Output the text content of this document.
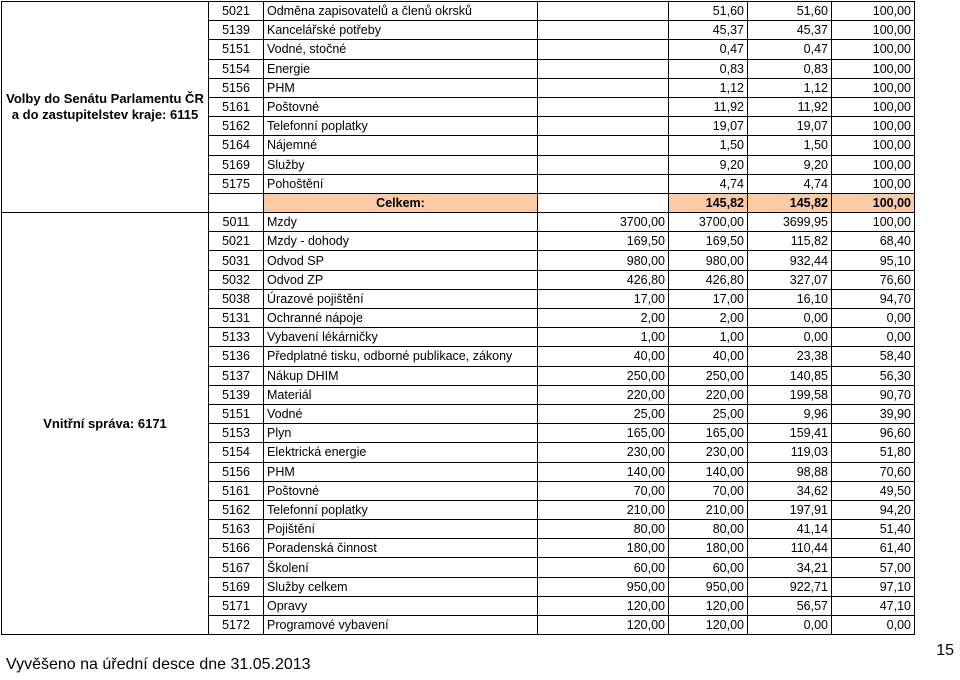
Volby do Senátu Parlamentu ČR a do zastupitelstev kraje: 6115	5021	Odměna zapisovatelů a členů okrsků		51,60	51,60	100,00
	5139	Kancelářské potřeby		45,37	45,37	100,00
	5151	Vodné, stočné		0,47	0,47	100,00
	5154	Energie		0,83	0,83	100,00
	5156	PHM		1,12	1,12	100,00
	5161	Poštovné		11,92	11,92	100,00
	5162	Telefonní poplatky		19,07	19,07	100,00
	5164	Nájemné		1,50	1,50	100,00
	5169	Služby		9,20	9,20	100,00
	5175	Pohoštění		4,74	4,74	100,00
		Celkem:		145,82	145,82	100,00
Vnitřní správa: 6171	5011	Mzdy	3700,00	3700,00	3699,95	100,00
	5021	Mzdy - dohody	169,50	169,50	115,82	68,40
	5031	Odvod SP	980,00	980,00	932,44	95,10
	5032	Odvod ZP	426,80	426,80	327,07	76,60
	5038	Úrazové pojištění	17,00	17,00	16,10	94,70
	5131	Ochranné nápoje	2,00	2,00	0,00	0,00
	5133	Vybavení lékárničky	1,00	1,00	0,00	0,00
	5136	Předplatné tisku, odborné publikace, zákony	40,00	40,00	23,38	58,40
	5137	Nákup DHIM	250,00	250,00	140,85	56,30
	5139	Materiál	220,00	220,00	199,58	90,70
	5151	Vodné	25,00	25,00	9,96	39,90
	5153	Plyn	165,00	165,00	159,41	96,60
	5154	Elektrická energie	230,00	230,00	119,03	51,80
	5156	PHM	140,00	140,00	98,88	70,60
	5161	Poštovné	70,00	70,00	34,62	49,50
	5162	Telefonní poplatky	210,00	210,00	197,91	94,20
	5163	Pojištění	80,00	80,00	41,14	51,40
	5166	Poradenská činnost	180,00	180,00	110,44	61,40
	5167	Školení	60,00	60,00	34,21	57,00
	5169	Služby celkem	950,00	950,00	922,71	97,10
	5171	Opravy	120,00	120,00	56,57	47,10
	5172	Programové vybavení	120,00	120,00	0,00	0,00
Vyvěšeno na úřední desce dne 31.05.2013
15
